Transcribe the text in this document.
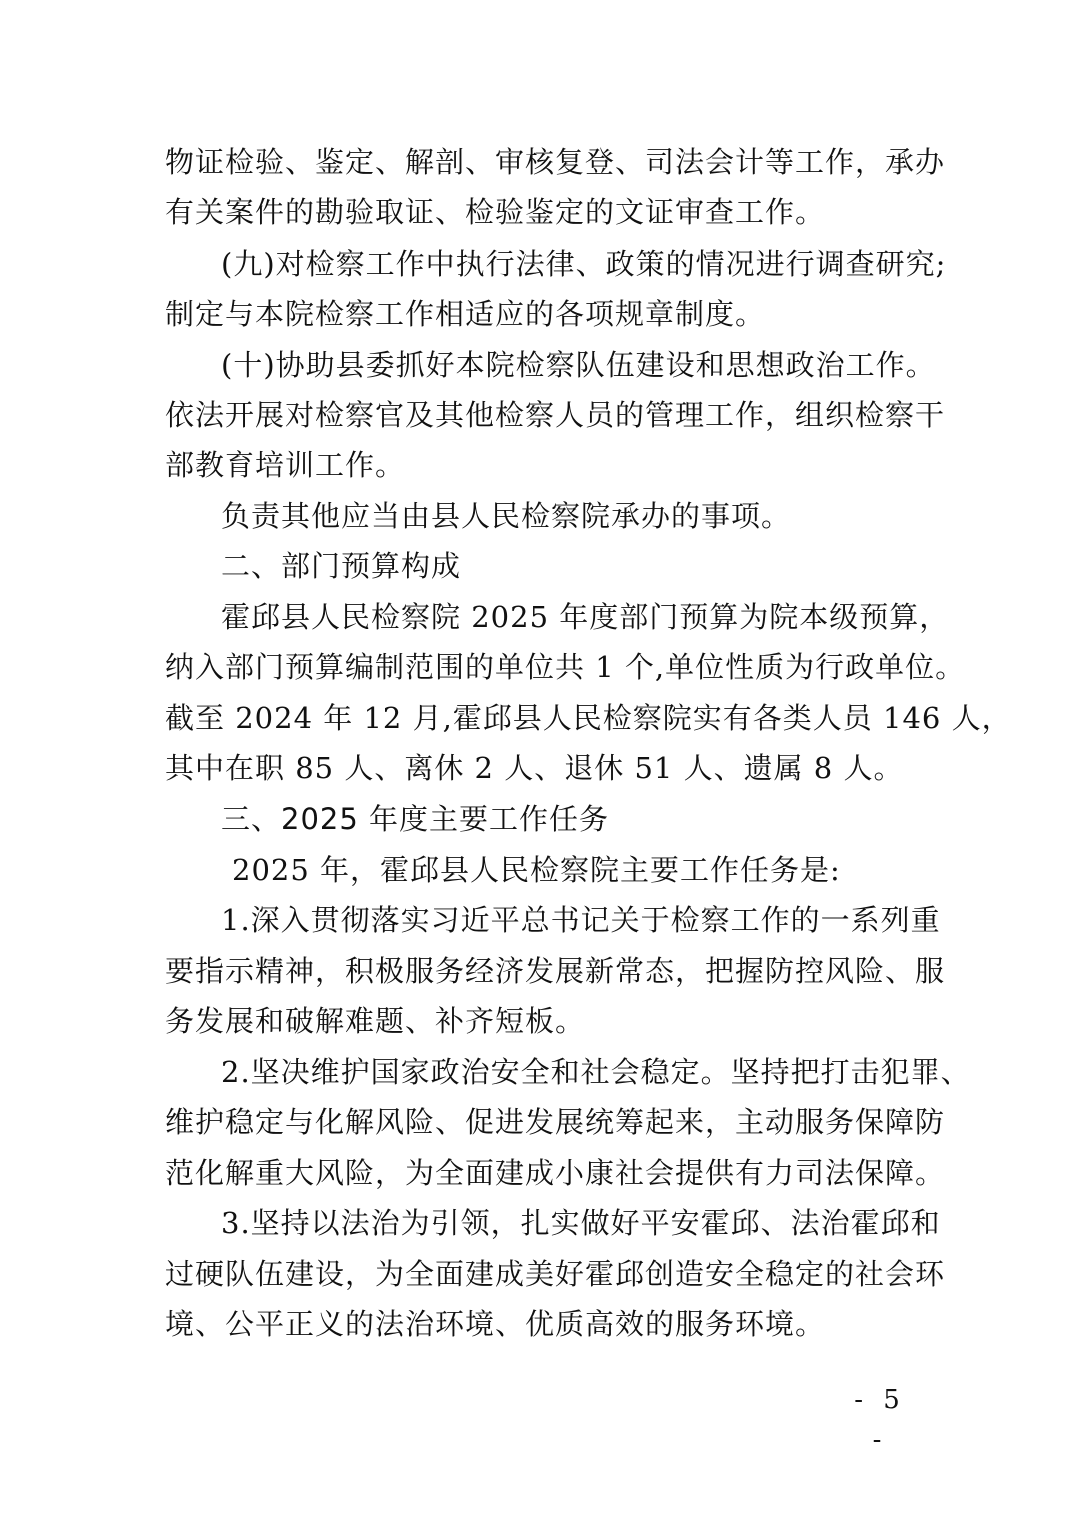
物证检验、鉴定、解剖、审核复登、司法会计等工作，承办
有关案件的勘验取证、检验鉴定的文证审查工作。
(九)对检察工作中执行法律、政策的情况进行调查研究;
制定与本院检察工作相适应的各项规章制度。
(十)协助县委抓好本院检察队伍建设和思想政治工作。
依法开展对检察官及其他检察人员的管理工作，组织检察干
部教育培训工作。
负责其他应当由县人民检察院承办的事项。
二、部门预算构成
霍邱县人民检察院 2025 年度部门预算为院本级预算，
纳入部门预算编制范围的单位共 1 个,单位性质为行政单位。
截至 2024 年 12 月,霍邱县人民检察院实有各类人员 146 人，
其中在职 85 人、离休 2 人、退休 51 人、遗属 8 人。
三、2025 年度主要工作任务
2025 年，霍邱县人民检察院主要工作任务是:
1.深入贯彻落实习近平总书记关于检察工作的一系列重
要指示精神，积极服务经济发展新常态，把握防控风险、服
务发展和破解难题、补齐短板。
2.坚决维护国家政治安全和社会稳定。坚持把打击犯罪、
维护稳定与化解风险、促进发展统筹起来，主动服务保障防
范化解重大风险，为全面建成小康社会提供有力司法保障。
3.坚持以法治为引领，扎实做好平安霍邱、法治霍邱和
过硬队伍建设，为全面建成美好霍邱创造安全稳定的社会环
境、公平正义的法治环境、优质高效的服务环境。
- 5 -
